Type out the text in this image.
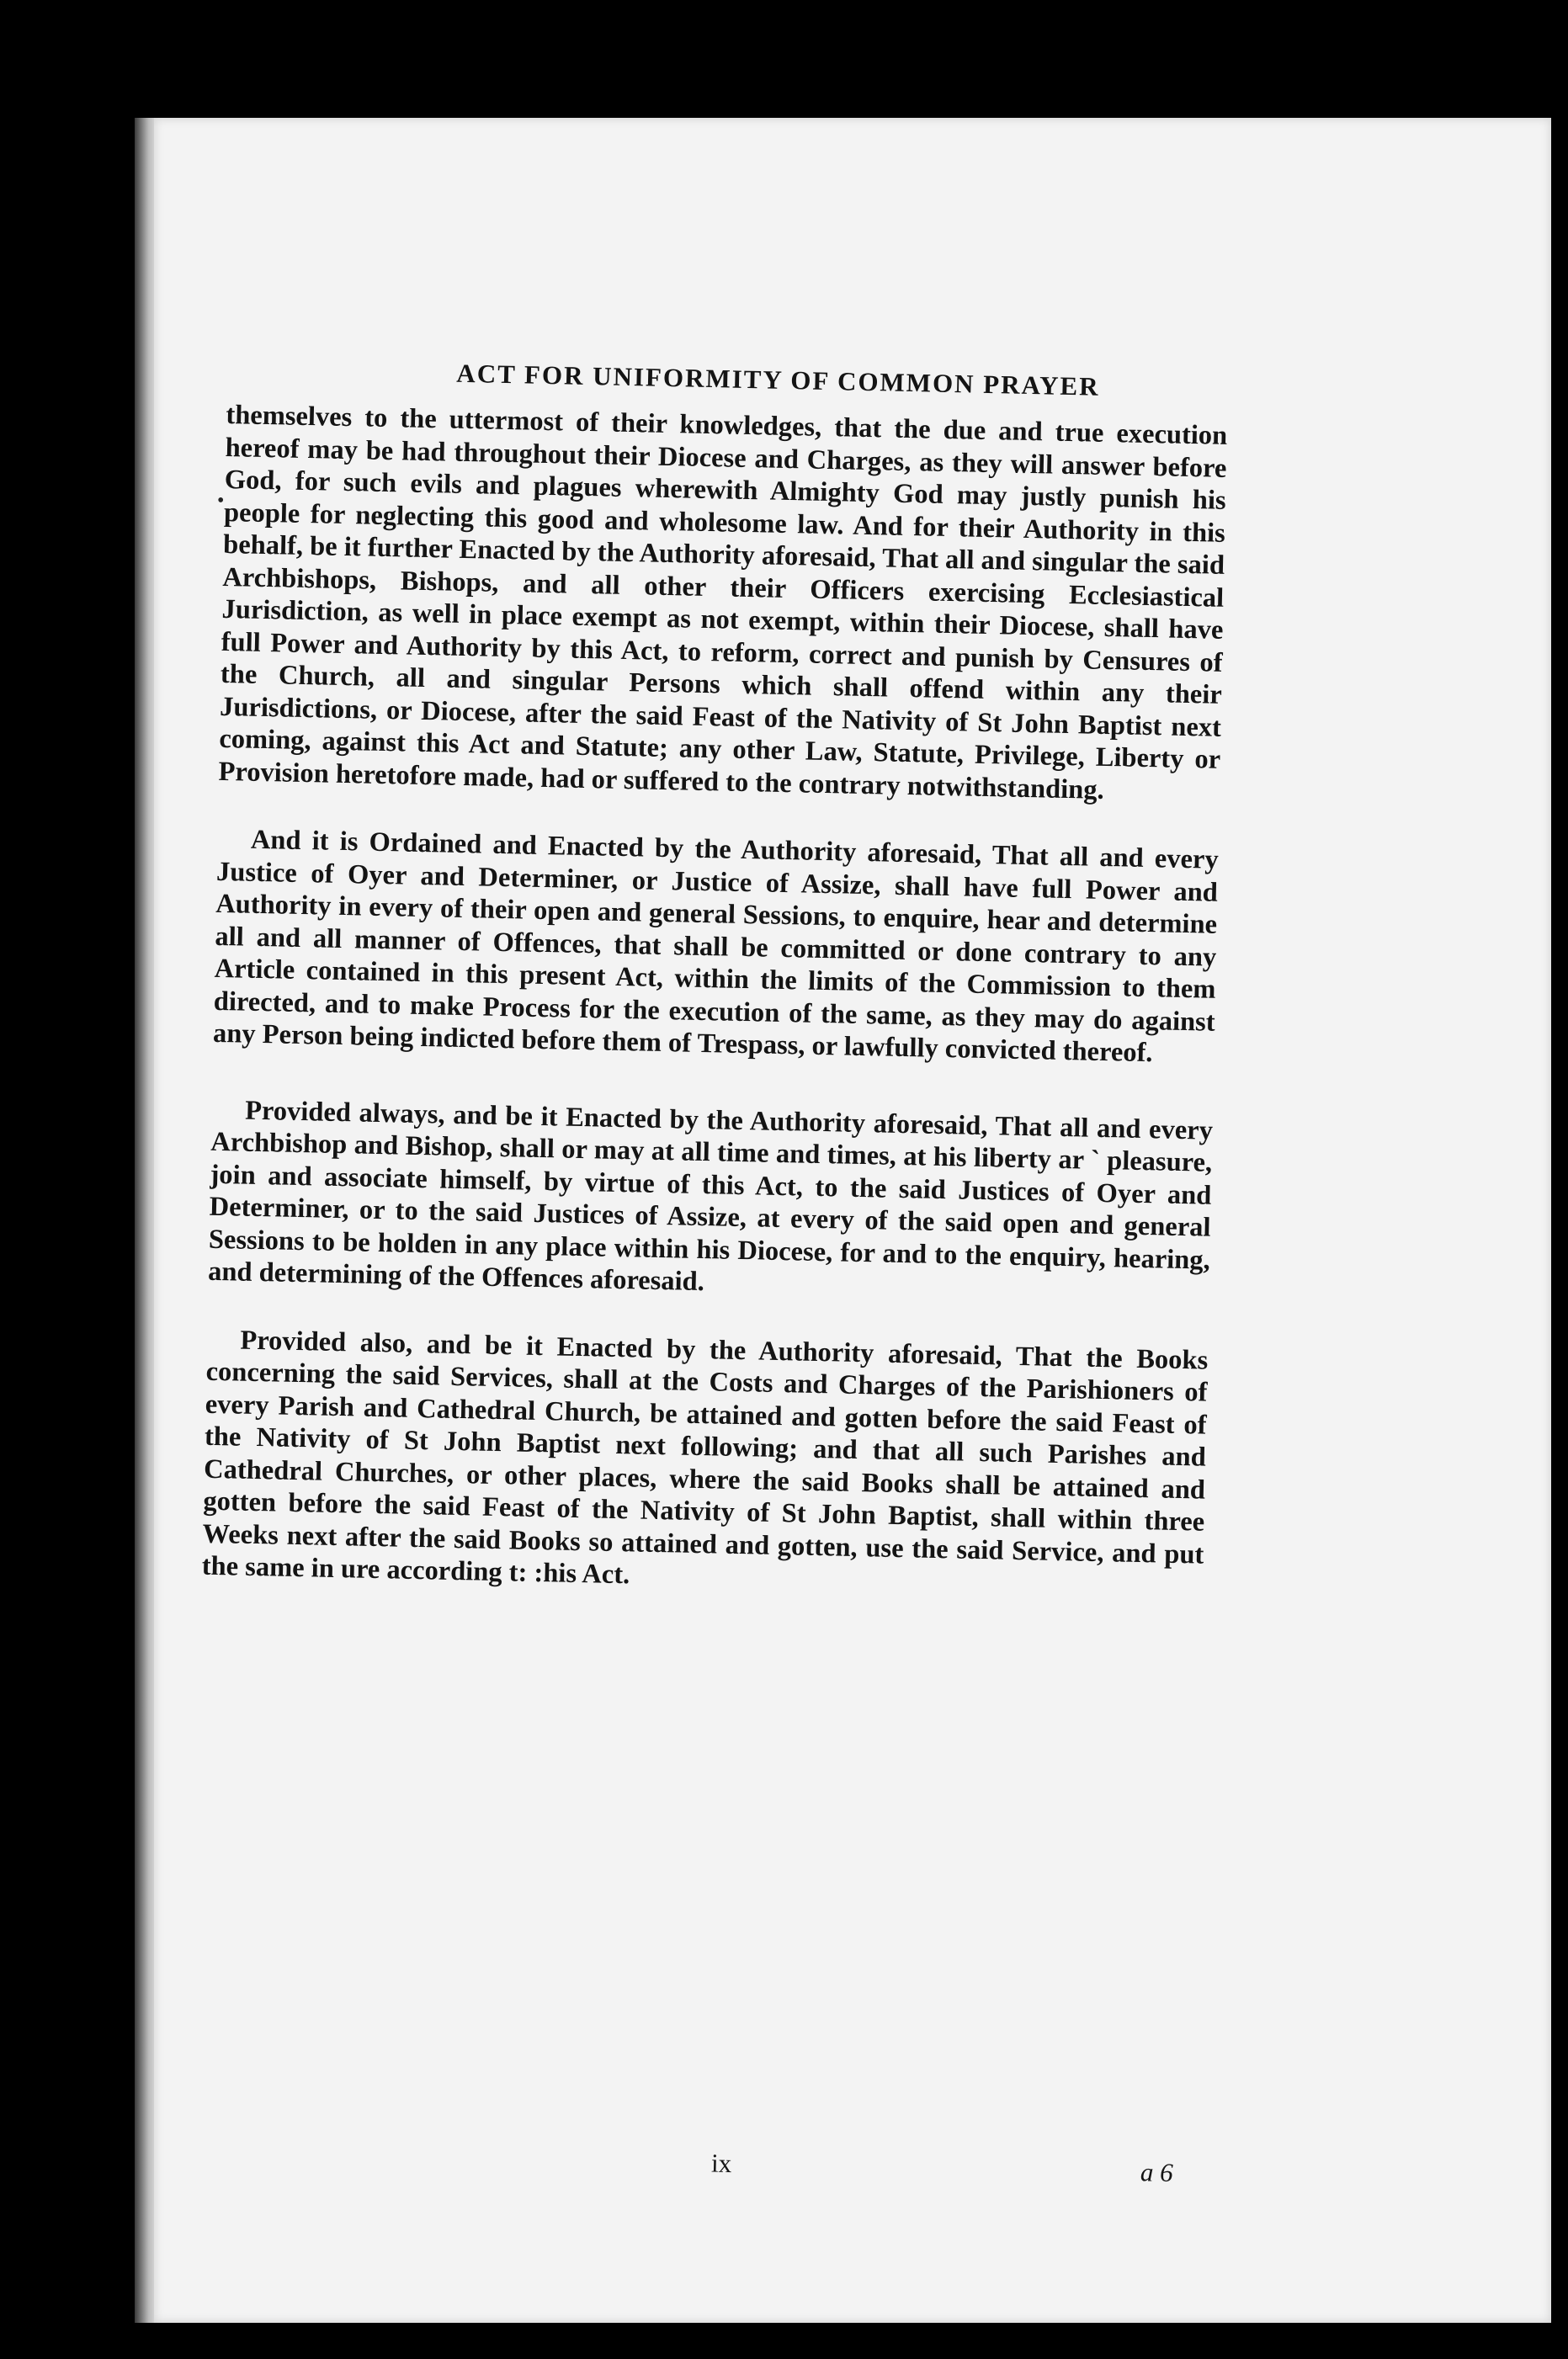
•
ACT FOR UNIFORMITY OF COMMON PRAYER

themselves to the uttermost of their knowledges, that the due and true execution hereof may be had throughout their Diocese and Charges, as they will answer before God, for such evils and plagues wherewith Almighty God may justly punish his people for neglecting this good and wholesome law. And for their Authority in this behalf, be it further Enacted by the Authority aforesaid, That all and singular the said Archbishops, Bishops, and all other their Officers exercising Ecclesiastical Jurisdiction, as well in place exempt as not exempt, within their Diocese, shall have full Power and Authority by this Act, to reform, correct and punish by Censures of the Church, all and singular Persons which shall offend within any their Jurisdictions, or Diocese, after the said Feast of the Nativity of St John Baptist next coming, against this Act and Statute; any other Law, Statute, Privilege, Liberty or Provision heretofore made, had or suffered to the contrary notwithstanding.

And it is Ordained and Enacted by the Authority aforesaid, That all and every Justice of Oyer and Determiner, or Justice of Assize, shall have full Power and Authority in every of their open and general Sessions, to enquire, hear and determine all and all manner of Offences, that shall be committed or done contrary to any Article contained in this present Act, within the limits of the Commission to them directed, and to make Process for the execution of the same, as they may do against any Person being indicted before them of Trespass, or lawfully convicted thereof.

Provided always, and be it Enacted by the Authority aforesaid, That all and every Archbishop and Bishop, shall or may at all time and times, at his liberty ar ` pleasure, join and associate himself, by virtue of this Act, to the said Justices of Oyer and Determiner, or to the said Justices of Assize, at every of the said open and general Sessions to be holden in any place within his Diocese, for and to the enquiry, hearing, and determining of the Offences aforesaid.

Provided also, and be it Enacted by the Authority aforesaid, That the Books concerning the said Services, shall at the Costs and Charges of the Parishioners of every Parish and Cathedral Church, be attained and gotten before the said Feast of the Nativity of St John Baptist next following; and that all such Parishes and Cathedral Churches, or other places, where the said Books shall be attained and gotten before the said Feast of the Nativity of St John Baptist, shall within three Weeks next after the said Books so attained and gotten, use the said Service, and put the same in ure according t: :his Act.

ix	a 6
